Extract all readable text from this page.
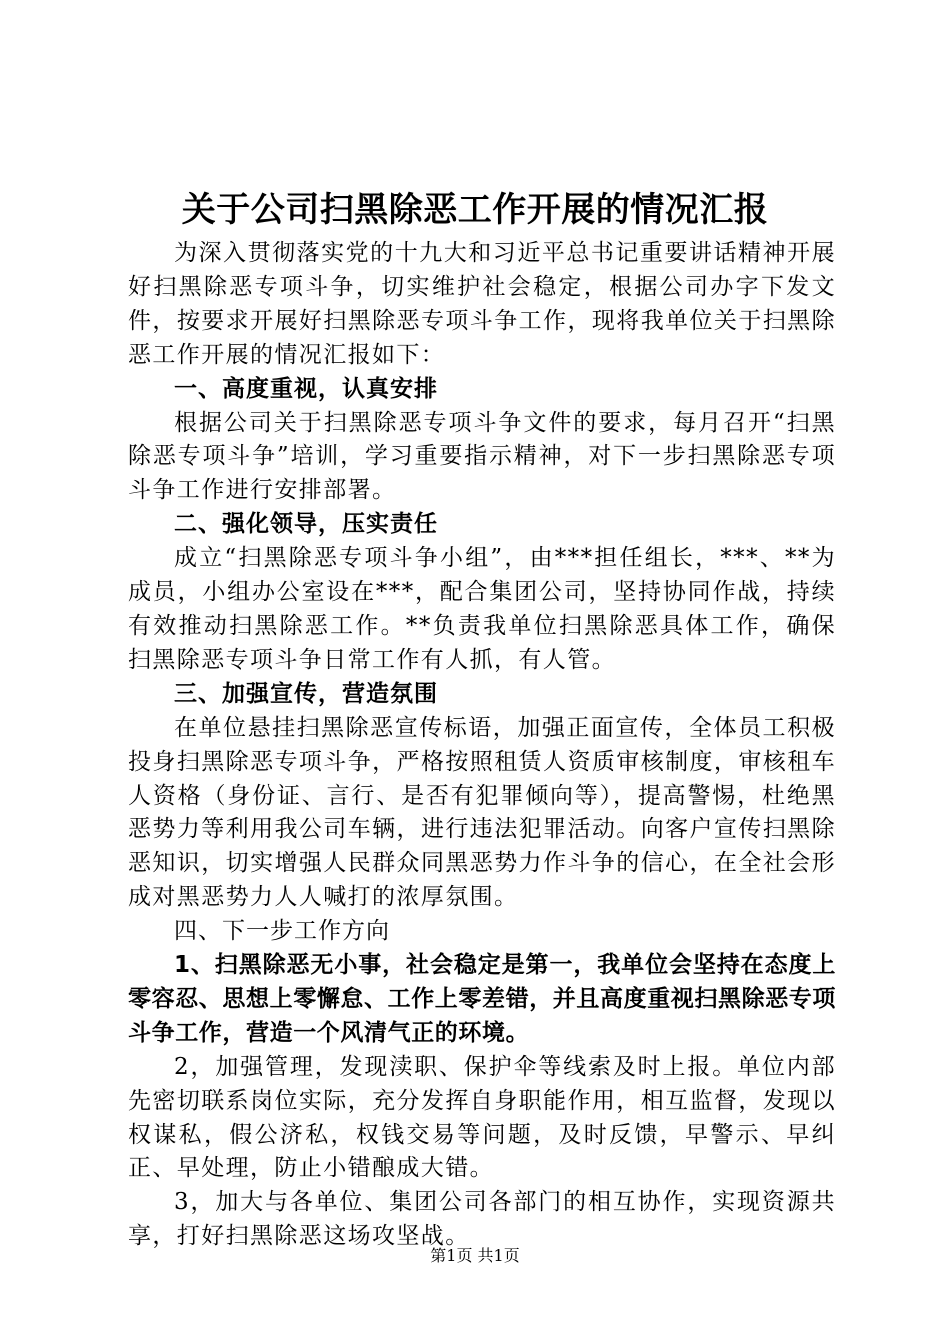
关于公司扫黑除恶工作开展的情况汇报

为深入贯彻落实党的十九大和习近平总书记重要讲话精神开展好扫黑除恶专项斗争，切实维护社会稳定，根据公司办字下发文件，按要求开展好扫黑除恶专项斗争工作，现将我单位关于扫黑除恶工作开展的情况汇报如下：

一、高度重视，认真安排

根据公司关于扫黑除恶专项斗争文件的要求，每月召开“扫黑除恶专项斗争”培训，学习重要指示精神，对下一步扫黑除恶专项斗争工作进行安排部署。

二、强化领导，压实责任

成立“扫黑除恶专项斗争小组”，由***担任组长，***、**为成员，小组办公室设在***，配合集团公司，坚持协同作战，持续有效推动扫黑除恶工作。**负责我单位扫黑除恶具体工作，确保扫黑除恶专项斗争日常工作有人抓，有人管。

三、加强宣传，营造氛围

在单位悬挂扫黑除恶宣传标语，加强正面宣传，全体员工积极投身扫黑除恶专项斗争，严格按照租赁人资质审核制度，审核租车人资格（身份证、言行、是否有犯罪倾向等），提高警惕，杜绝黑恶势力等利用我公司车辆，进行违法犯罪活动。向客户宣传扫黑除恶知识，切实增强人民群众同黑恶势力作斗争的信心，在全社会形成对黑恶势力人人喊打的浓厚氛围。

四、下一步工作方向

1、扫黑除恶无小事，社会稳定是第一，我单位会坚持在态度上零容忍、思想上零懈怠、工作上零差错，并且高度重视扫黑除恶专项斗争工作，营造一个风清气正的环境。

2，加强管理，发现渎职、保护伞等线索及时上报。单位内部先密切联系岗位实际，充分发挥自身职能作用，相互监督，发现以权谋私，假公济私，权钱交易等问题，及时反馈，早警示、早纠正、早处理，防止小错酿成大错。

3，加大与各单位、集团公司各部门的相互协作，实现资源共享，打好扫黑除恶这场攻坚战。

第1页 共1页
